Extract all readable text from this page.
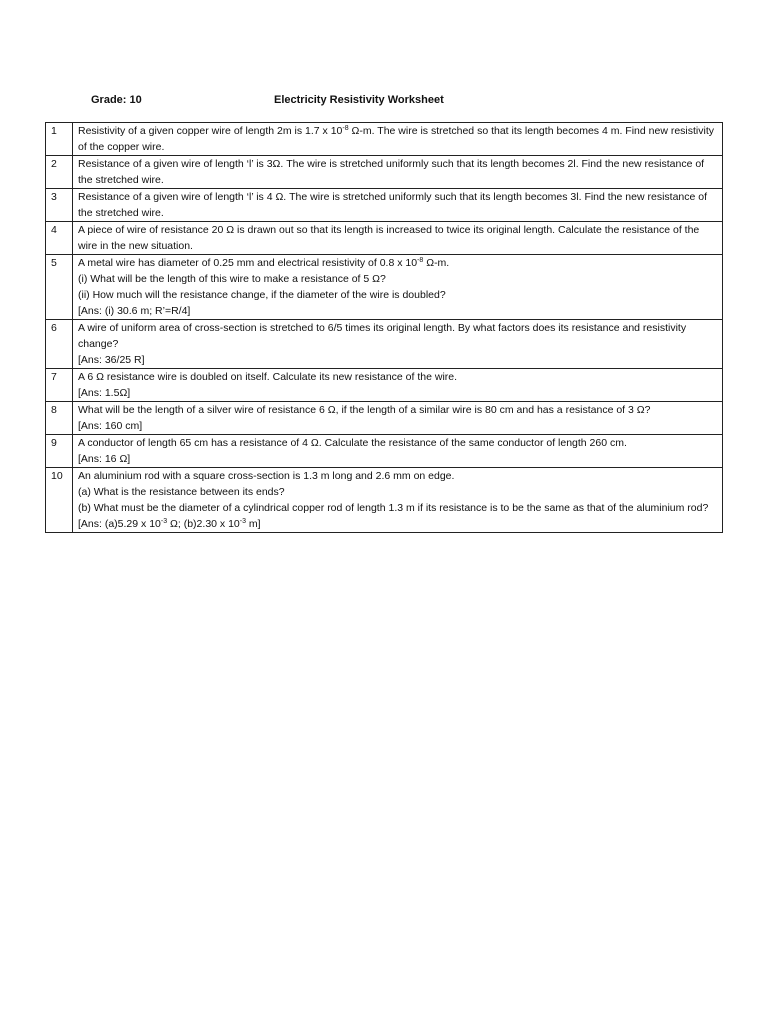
Grade: 10	Electricity Resistivity Worksheet
1	Resistivity of a given copper wire of length 2m is 1.7 x $10^{-8}$ Ω-m. The wire is stretched so that its length becomes 4 m. Find new resistivity of the copper wire.

2	Resistance of a given wire of length ‘l’ is 3Ω. The wire is stretched uniformly such that its length becomes 2l. Find the new resistance of the stretched wire.

3	Resistance of a given wire of length ‘l’ is 4 Ω. The wire is stretched uniformly such that its length becomes 3l. Find the new resistance of the stretched wire.

4	A piece of wire of resistance 20 Ω is drawn out so that its length is increased to twice its original length. Calculate the resistance of the wire in the new situation.

5	A metal wire has diameter of 0.25 mm and electrical resistivity of 0.8 x $10^{-8}$ Ω-m.
(i) What will be the length of this wire to make a resistance of 5 Ω?
(ii) How much will the resistance change, if the diameter of the wire is doubled?
[Ans: (i) 30.6 m; R’=R/4]

6	A wire of uniform area of cross-section is stretched to 6/5 times its original length. By what factors does its resistance and resistivity change?
[Ans: 36/25 R]

7	A 6 Ω resistance wire is doubled on itself. Calculate its new resistance of the wire.
[Ans: 1.5Ω]

8	What will be the length of a silver wire of resistance 6 Ω, if the length of a similar wire is 80 cm and has a resistance of 3 Ω?
[Ans: 160 cm]

9	A conductor of length 65 cm has a resistance of 4 Ω. Calculate the resistance of the same conductor of length 260 cm.
[Ans: 16 Ω]

10	An aluminium rod with a square cross-section is 1.3 m long and 2.6 mm on edge.
(a) What is the resistance between its ends?
(b) What must be the diameter of a cylindrical copper rod of length 1.3 m if its resistance is to be the same as that of the aluminium rod?
[Ans: (a)5.29 x $10^{-3}$ Ω; (b)2.30 x $10^{-3}$ m]
